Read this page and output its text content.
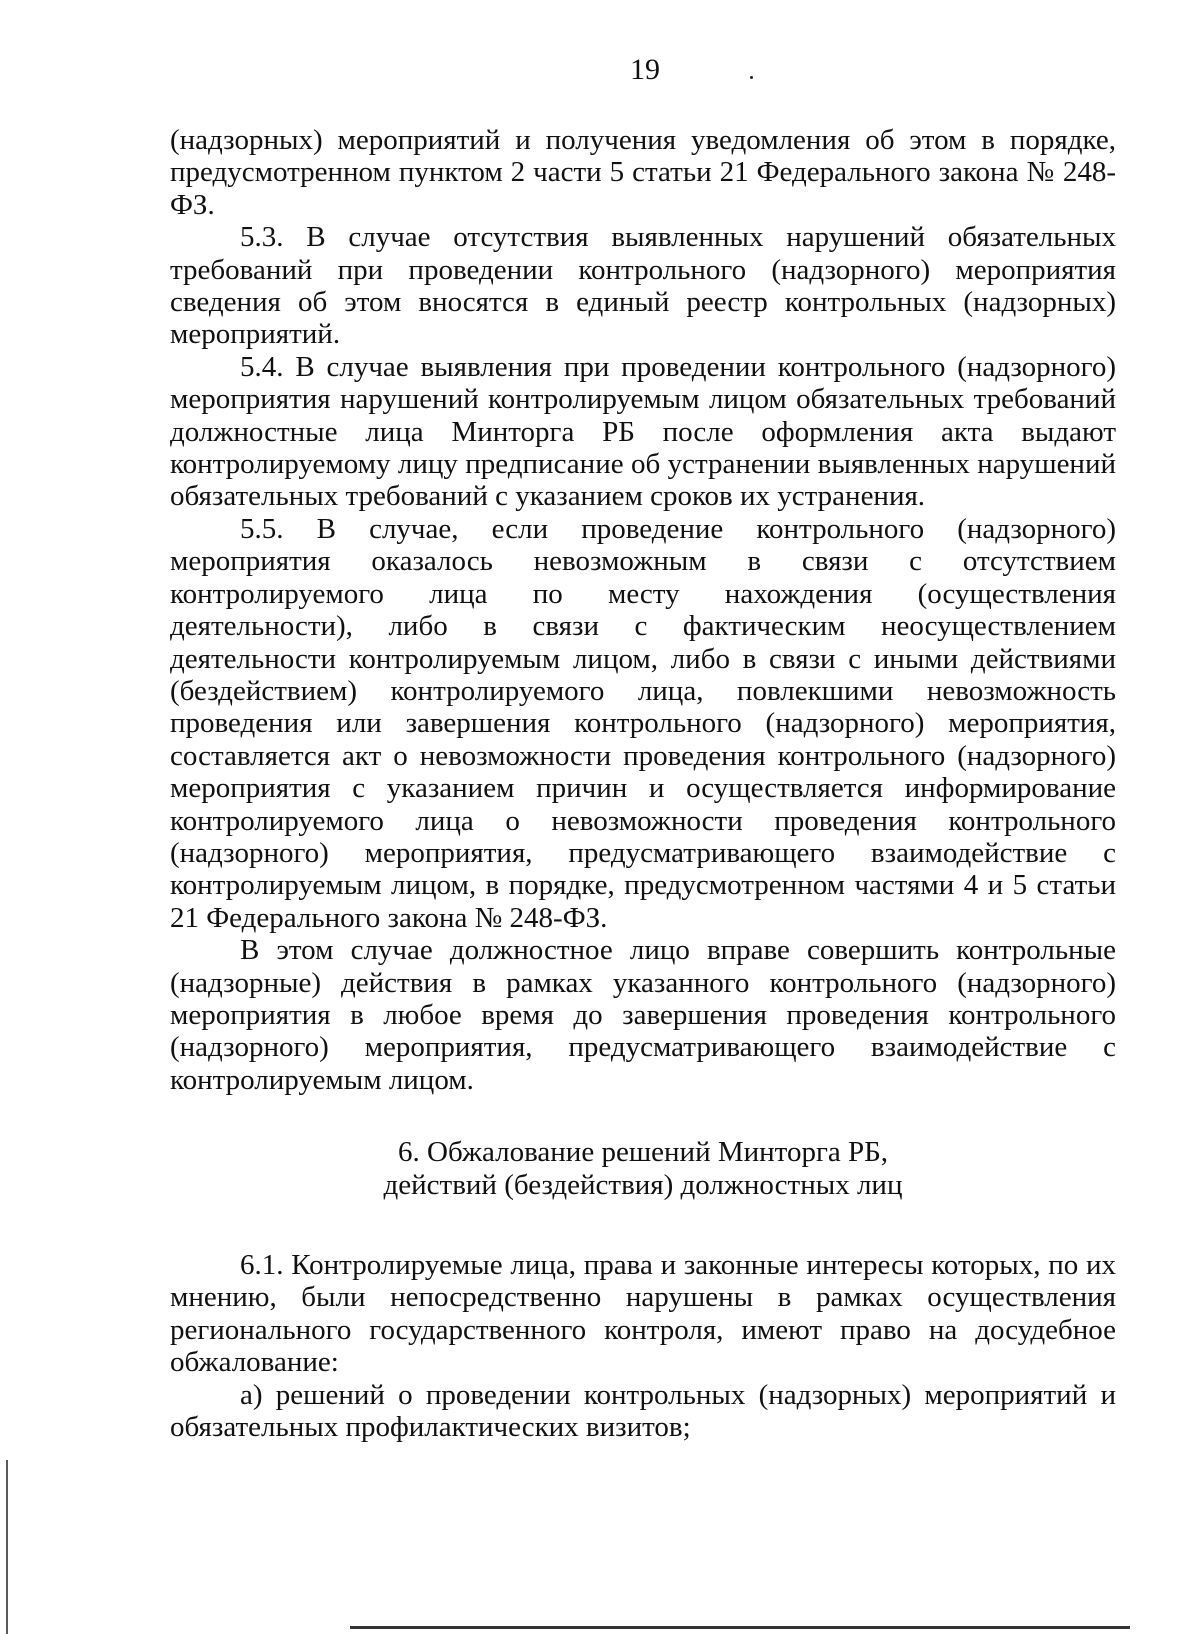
19

(надзорных) мероприятий и получения уведомления об этом в порядке, предусмотренном пунктом 2 части 5 статьи 21 Федерального закона № 248-ФЗ.

5.3. В случае отсутствия выявленных нарушений обязательных требований при проведении контрольного (надзорного) мероприятия сведения об этом вносятся в единый реестр контрольных (надзорных) мероприятий.

5.4. В случае выявления при проведении контрольного (надзорного) мероприятия нарушений контролируемым лицом обязательных требований должностные лица Минторга РБ после оформления акта выдают контролируемому лицу предписание об устранении выявленных нарушений обязательных требований с указанием сроков их устранения.

5.5. В случае, если проведение контрольного (надзорного) мероприятия оказалось невозможным в связи с отсутствием контролируемого лица по месту нахождения (осуществления деятельности), либо в связи с фактическим неосуществлением деятельности контролируемым лицом, либо в связи с иными действиями (бездействием) контролируемого лица, повлекшими невозможность проведения или завершения контрольного (надзорного) мероприятия, составляется акт о невозможности проведения контрольного (надзорного) мероприятия с указанием причин и осуществляется информирование контролируемого лица о невозможности проведения контрольного (надзорного) мероприятия, предусматривающего взаимодействие с контролируемым лицом, в порядке, предусмотренном частями 4 и 5 статьи 21 Федерального закона № 248-ФЗ.

В этом случае должностное лицо вправе совершить контрольные (надзорные) действия в рамках указанного контрольного (надзорного) мероприятия в любое время до завершения проведения контрольного (надзорного) мероприятия, предусматривающего взаимодействие с контролируемым лицом.

6. Обжалование решений Минторга РБ,
действий (бездействия) должностных лиц

6.1. Контролируемые лица, права и законные интересы которых, по их мнению, были непосредственно нарушены в рамках осуществления регионального государственного контроля, имеют право на досудебное обжалование:

а) решений о проведении контрольных (надзорных) мероприятий и обязательных профилактических визитов;
